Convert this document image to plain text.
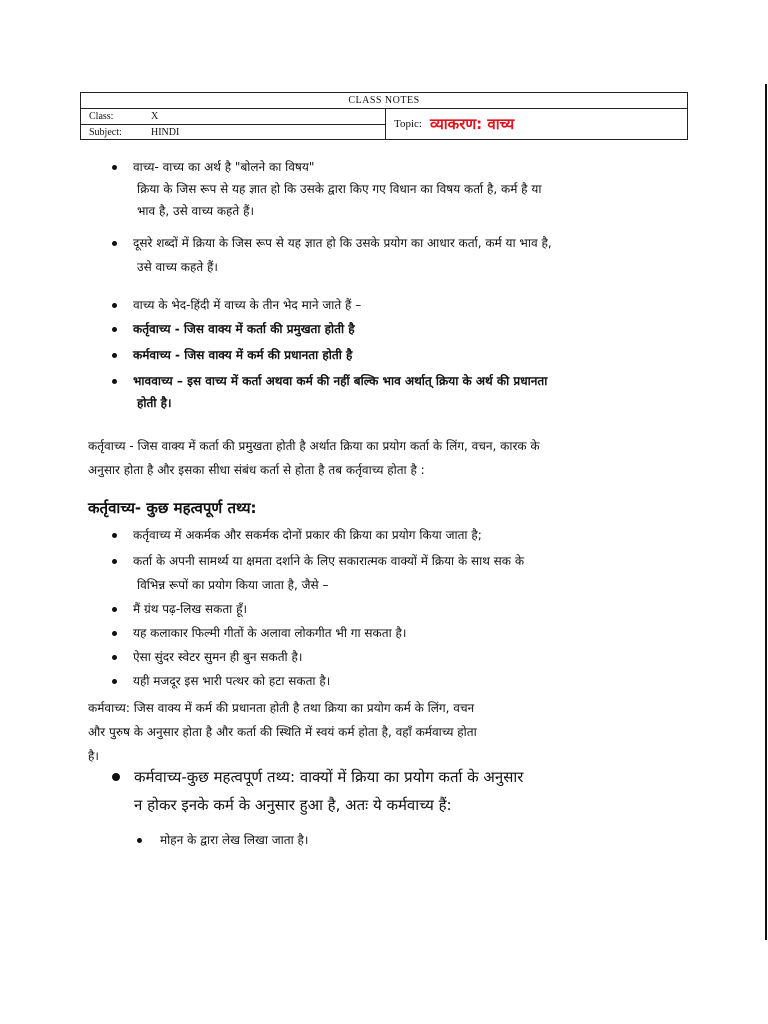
CLASS NOTES
Class:	X
Subject:	HINDI
Topic: व्याकरण: वाच्य
वाच्य- वाच्य का अर्थ है "बोलने का विषय"
क्रिया के जिस रूप से यह ज्ञात हो कि उसके द्वारा किए गए विधान का विषय कर्ता है, कर्म है या
भाव है, उसे वाच्य कहते हैं।
दूसरे शब्दों में क्रिया के जिस रूप से यह ज्ञात हो कि उसके प्रयोग का आधार कर्ता, कर्म या भाव है,
उसे वाच्य कहते हैं।
वाच्य के भेद-हिंदी में वाच्य के तीन भेद माने जाते हैं –
कर्तृवाच्य - जिस वाक्य में कर्ता की प्रमुखता होती है
कर्मवाच्य - जिस वाक्य में कर्म की प्रधानता होती है
भाववाच्य – इस वाच्य में कर्ता अथवा कर्म की नहीं बल्कि भाव अर्थात् क्रिया के अर्थ की प्रधानता
होती है।
कर्तृवाच्य - जिस वाक्य में कर्ता की प्रमुखता होती है अर्थात क्रिया का प्रयोग कर्ता के लिंग, वचन, कारक के
अनुसार होता है और इसका सीधा संबंध कर्ता से होता है तब कर्तृवाच्य होता है :
कर्तृवाच्य- कुछ महत्वपूर्ण तथ्य:
कर्तृवाच्य में अकर्मक और सकर्मक दोनों प्रकार की क्रिया का प्रयोग किया जाता है;
कर्ता के अपनी सामर्थ्य या क्षमता दर्शाने के लिए सकारात्मक वाक्यों में क्रिया के साथ सक के
विभिन्न रूपों का प्रयोग किया जाता है, जैसे –
मैं ग्रंथ पढ़-लिख सकता हूँ।
यह कलाकार फिल्मी गीतों के अलावा लोकगीत भी गा सकता है।
ऐसा सुंदर स्वेटर सुमन ही बुन सकती है।
यही मजदूर इस भारी पत्थर को हटा सकता है।
कर्मवाच्य: जिस वाक्य में कर्म की प्रधानता होती है तथा क्रिया का प्रयोग कर्म के लिंग, वचन
और पुरुष के अनुसार होता है और कर्ता की स्थिति में स्वयं कर्म होता है, वहाँ कर्मवाच्य होता
है।
कर्मवाच्य-कुछ महत्वपूर्ण तथ्य: वाक्यों में क्रिया का प्रयोग कर्ता के अनुसार
न होकर इनके कर्म के अनुसार हुआ है, अतः ये कर्मवाच्य हैं:
मोहन के द्वारा लेख लिखा जाता है।
